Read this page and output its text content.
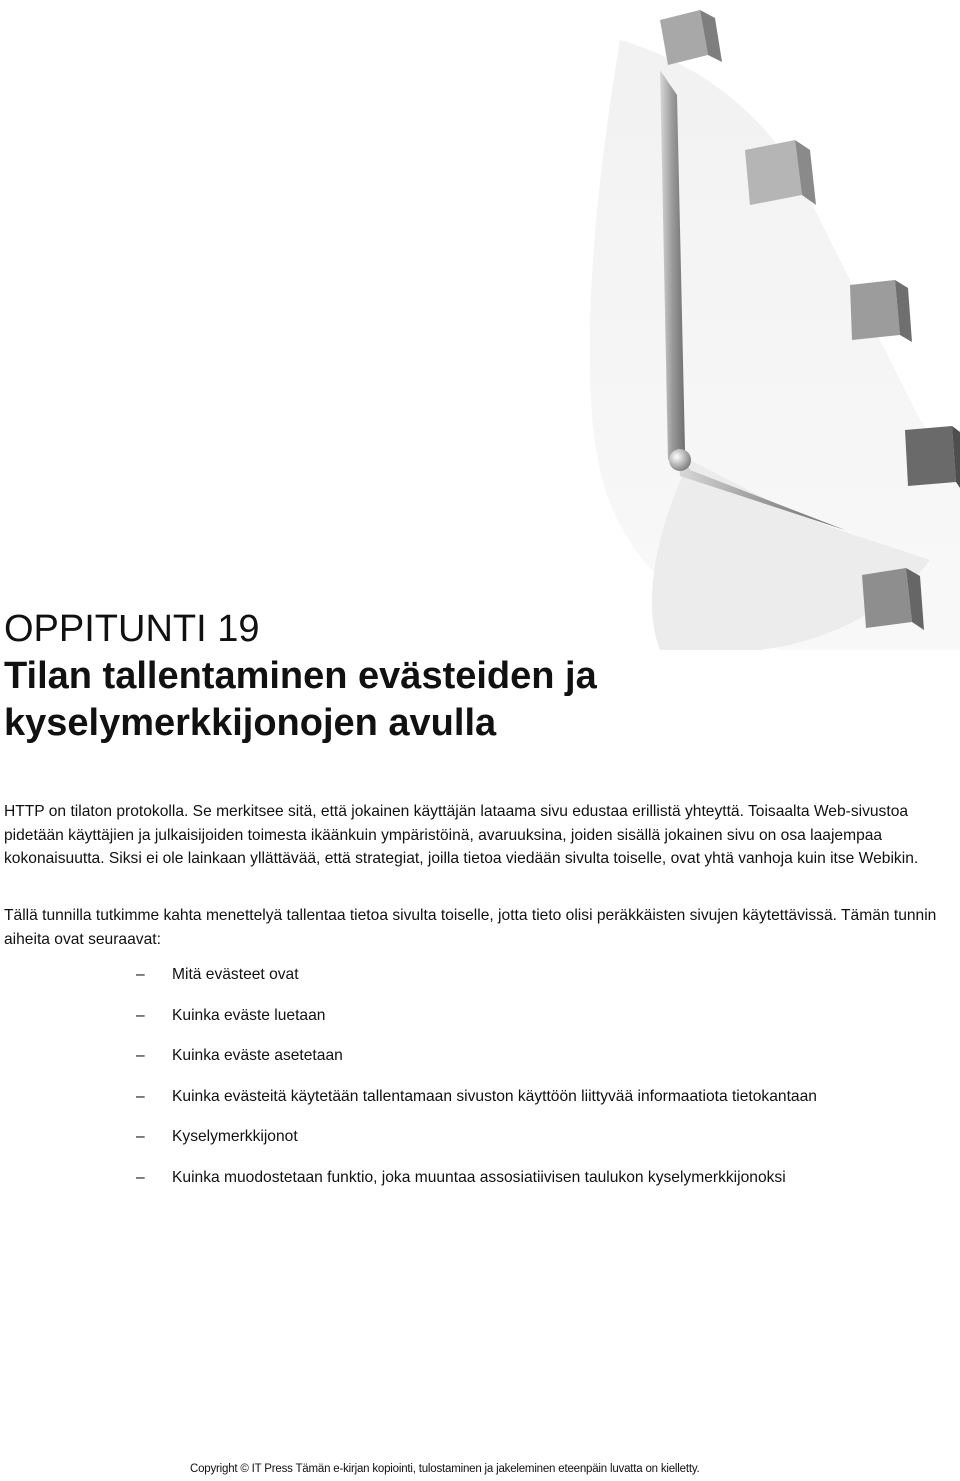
OPPITUNTI 19
Tilan tallentaminen evästeiden ja
kyselymerkkijonojen avulla

HTTP on tilaton protokolla. Se merkitsee sitä, että jokainen käyttäjän lataama sivu edustaa erillistä yhteyttä. Toisaalta Web-sivustoa pidetään käyttäjien ja julkaisijoiden toimesta ikäänkuin ympäristöinä, avaruuksina, joiden sisällä jokainen sivu on osa laajempaa kokonaisuutta. Siksi ei ole lainkaan yllättävää, että strategiat, joilla tietoa viedään sivulta toiselle, ovat yhtä vanhoja kuin itse Webikin.

Tällä tunnilla tutkimme kahta menettelyä tallentaa tietoa sivulta toiselle, jotta tieto olisi peräkkäisten sivujen käytettävissä. Tämän tunnin aiheita ovat seuraavat:

– Mitä evästeet ovat
– Kuinka eväste luetaan
– Kuinka eväste asetetaan
– Kuinka evästeitä käytetään tallentamaan sivuston käyttöön liittyvää informaatiota tietokantaan
– Kyselymerkkijonot
– Kuinka muodostetaan funktio, joka muuntaa assosiatiivisen taulukon kyselymerkkijonoksi
Copyright © IT Press Tämän e-kirjan kopiointi, tulostaminen ja jakeleminen eteenpäin luvatta on kielletty.
